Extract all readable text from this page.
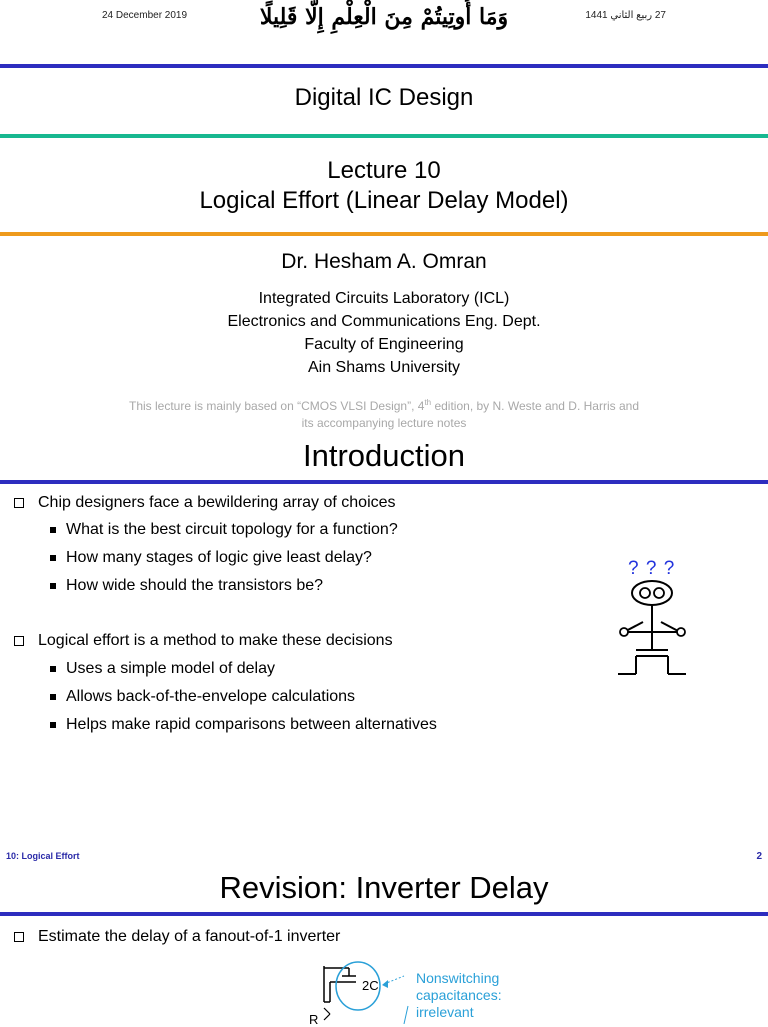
24 December 2019	وَمَا أُوتِيتُمْ مِنَ الْعِلْمِ إِلَّا قَلِيلًا	27 ربيع الثاني 1441
Digital IC Design
Lecture 10
Logical Effort (Linear Delay Model)
Dr. Hesham A. Omran
Integrated Circuits Laboratory (ICL)
Electronics and Communications Eng. Dept.
Faculty of Engineering
Ain Shams University
This lecture is mainly based on “CMOS VLSI Design”, 4th edition, by N. Weste and D. Harris and
its accompanying lecture notes
Introduction
Chip designers face a bewildering array of choices
What is the best circuit topology for a function?
How many stages of logic give least delay?
How wide should the transistors be?
Logical effort is a method to make these decisions
Uses a simple model of delay
Allows back-of-the-envelope calculations
Helps make rapid comparisons between alternatives
? ? ?
10: Logical Effort	2
Revision: Inverter Delay
Estimate the delay of a fanout-of-1 inverter
2C
R
Nonswitching
capacitances:
irrelevant
